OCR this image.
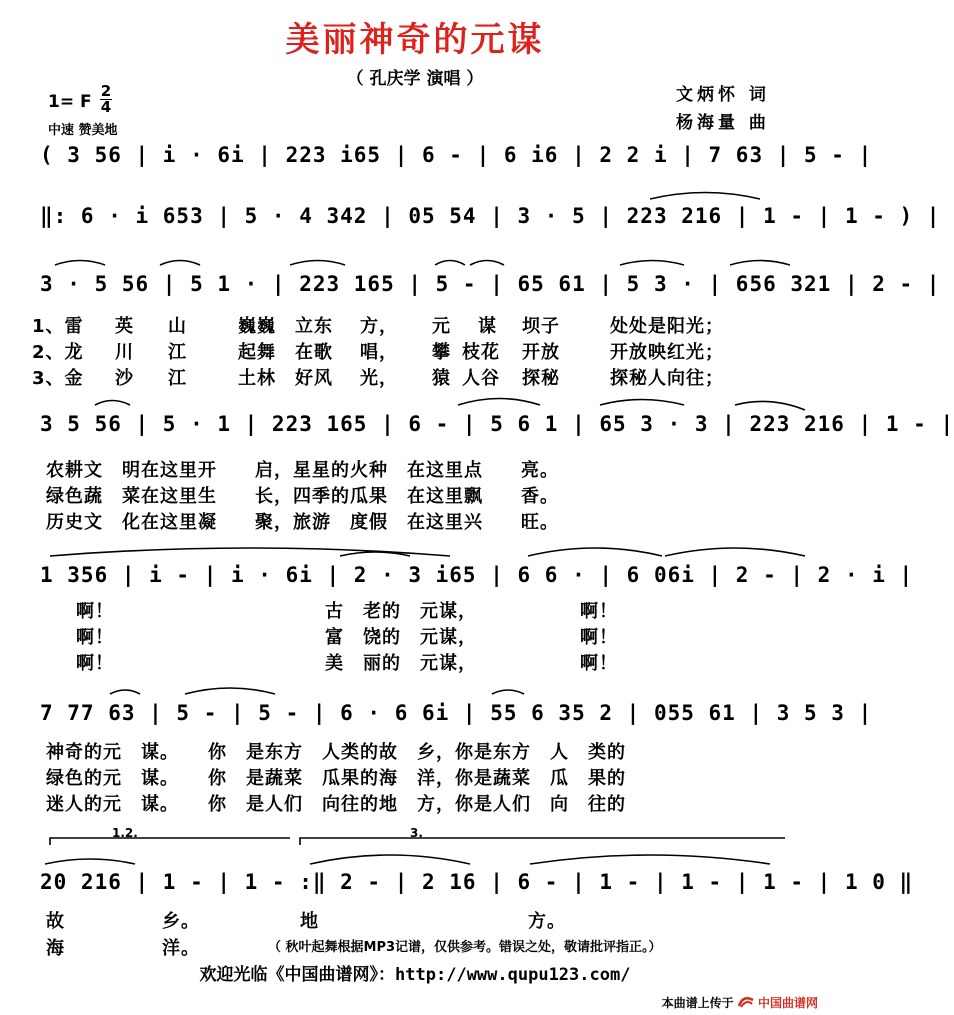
美丽神奇的元谋
（ 孔庆学 演唱 ）
文炳怀 词
杨海量 曲
1= F
2
4
中速 赞美地
( 3 56 | i · 6i | 223 i65 | 6 - | 6 i6 | 2 2 i | 7 63 | 5 - |
‖: 6 · i 653 | 5 · 4 342 | 05 54 | 3 · 5 | 223 216 | 1 - | 1 - ) |
3 · 5 56 | 5 1 · | 223 165 | 5 - | 65 61 | 5 3 · | 656 321 | 2 - |
1、雷 英 山	巍巍 立东 方， 元 谋 坝子	处处是阳光；
2、龙 川 江	起舞 在歌 唱， 攀 枝花 开放	开放映红光；
3、金 沙 江	土林 好风 光， 猿 人谷 探秘	探秘人向往；
3 5 56 | 5 · 1 | 223 165 | 6 - | 5 6 1 | 65 3 · 3 | 223 216 | 1 - |
农耕文　明在这里开　　启，星星的火种　在这里点　　亮。
绿色蔬　菜在这里生　　长，四季的瓜果　在这里飘　　香。
历史文　化在这里凝　　聚，旅游　度假　在这里兴　　旺。
1 356 | i - | i · 6i | 2 · 3 i65 | 6 6 · | 6 06i | 2 - | 2 · i |
啊！	古　老的　元谋，	啊！
啊！	富　饶的　元谋，	啊！
啊！	美　丽的　元谋，	啊！
7 77 63 | 5 - | 5 - | 6 · 6 6i | 55 6 35 2 | 055 61 | 3 5 3 |
神奇的元　谋。　　你　是东方　人类的故　乡，你是东方　人　类的
绿色的元　谋。　　你　是蔬菜　瓜果的海　洋，你是蔬菜　瓜　果的
迷人的元　谋。　　你　是人们　向往的地　方，你是人们　向　往的
1.2.	3.
20 216 | 1 - | 1 - :‖ 2 - | 2 16 | 6 - | 1 - | 1 - | 1 - | 1 0 ‖
故	乡。	地	方。
海	洋。	（ 秋叶起舞根据MP3记谱，仅供参考。错误之处，敬请批评指正。）
欢迎光临《中国曲谱网》：http://www.qupu123.com/
本曲谱上传于 中国曲谱网
